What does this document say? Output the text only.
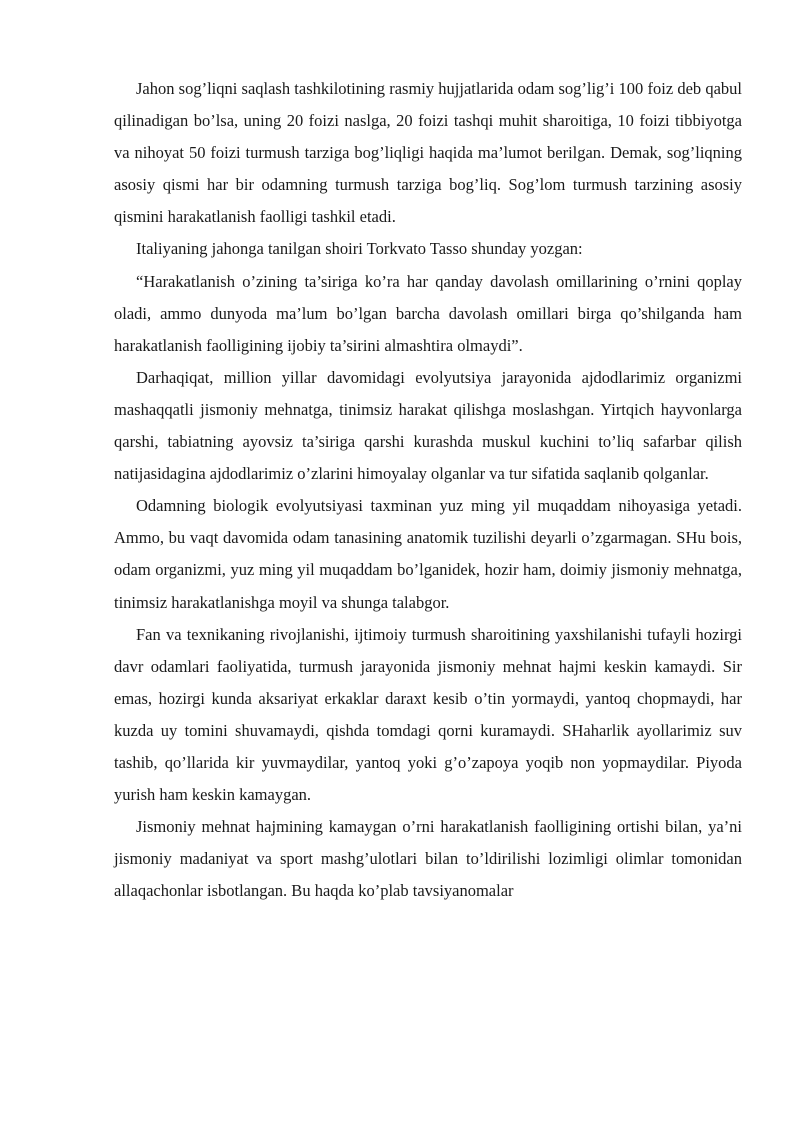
Jahon sog’liqni saqlash tashkilotining rasmiy hujjatlarida odam sog’lig’i 100 foiz deb qabul qilinadigan bo’lsa, uning 20 foizi naslga, 20 foizi tashqi muhit sharoitiga, 10 foizi tibbiyotga va nihoyat 50 foizi turmush tarziga bog’liqligi haqida ma’lumot berilgan. Demak, sog’liqning asosiy qismi har bir odamning turmush tarziga bog’liq. Sog’lom turmush tarzining asosiy qismini harakatlanish faolligi tashkil etadi.

Italiyaning jahonga tanilgan shoiri Torkvato Tasso shunday yozgan:

“Harakatlanish o’zining ta’siriga ko’ra har qanday davolash omillarining o’rnini qoplay oladi, ammo dunyoda ma’lum bo’lgan barcha davolash omillari birga qo’shilganda ham harakatlanish faolligining ijobiy ta’sirini almashtira olmaydi”.

Darhaqiqat, million yillar davomidagi evolyutsiya jarayonida ajdodlarimiz organizmi mashaqqatli jismoniy mehnatga, tinimsiz harakat qilishga moslashgan. Yirtqich hayvonlarga qarshi, tabiatning ayovsiz ta’siriga qarshi kurashda muskul kuchini to’liq safarbar qilish natijasidagina ajdodlarimiz o’zlarini himoyalay olganlar va tur sifatida saqlanib qolganlar.

Odamning biologik evolyutsiyasi taxminan yuz ming yil muqaddam nihoyasiga yetadi. Ammo, bu vaqt davomida odam tanasining anatomik tuzilishi deyarli o’zgarmagan. SHu bois, odam organizmi, yuz ming yil muqaddam bo’lganidek, hozir ham, doimiy jismoniy mehnatga, tinimsiz harakatlanishga moyil va shunga talabgor.

Fan va texnikaning rivojlanishi, ijtimoiy turmush sharoitining yaxshilanishi tufayli hozirgi davr odamlari faoliyatida, turmush jarayonida jismoniy mehnat hajmi keskin kamaydi. Sir emas, hozirgi kunda aksariyat erkaklar daraxt kesib o’tin yormaydi, yantoq chopmaydi, har kuzda uy tomini shuvamaydi, qishda tomdagi qorni kuramaydi. SHaharlik ayollarimiz suv tashib, qo’llarida kir yuvmaydilar, yantoq yoki g’o’zapoya yoqib non yopmaydilar. Piyoda yurish ham keskin kamaygan.

Jismoniy mehnat hajmining kamaygan o’rni harakatlanish faolligining ortishi bilan, ya’ni jismoniy madaniyat va sport mashg’ulotlari bilan to’ldirilishi lozimligi olimlar tomonidan allaqachonlar isbotlangan. Bu haqda ko’plab tavsiyanomalar
